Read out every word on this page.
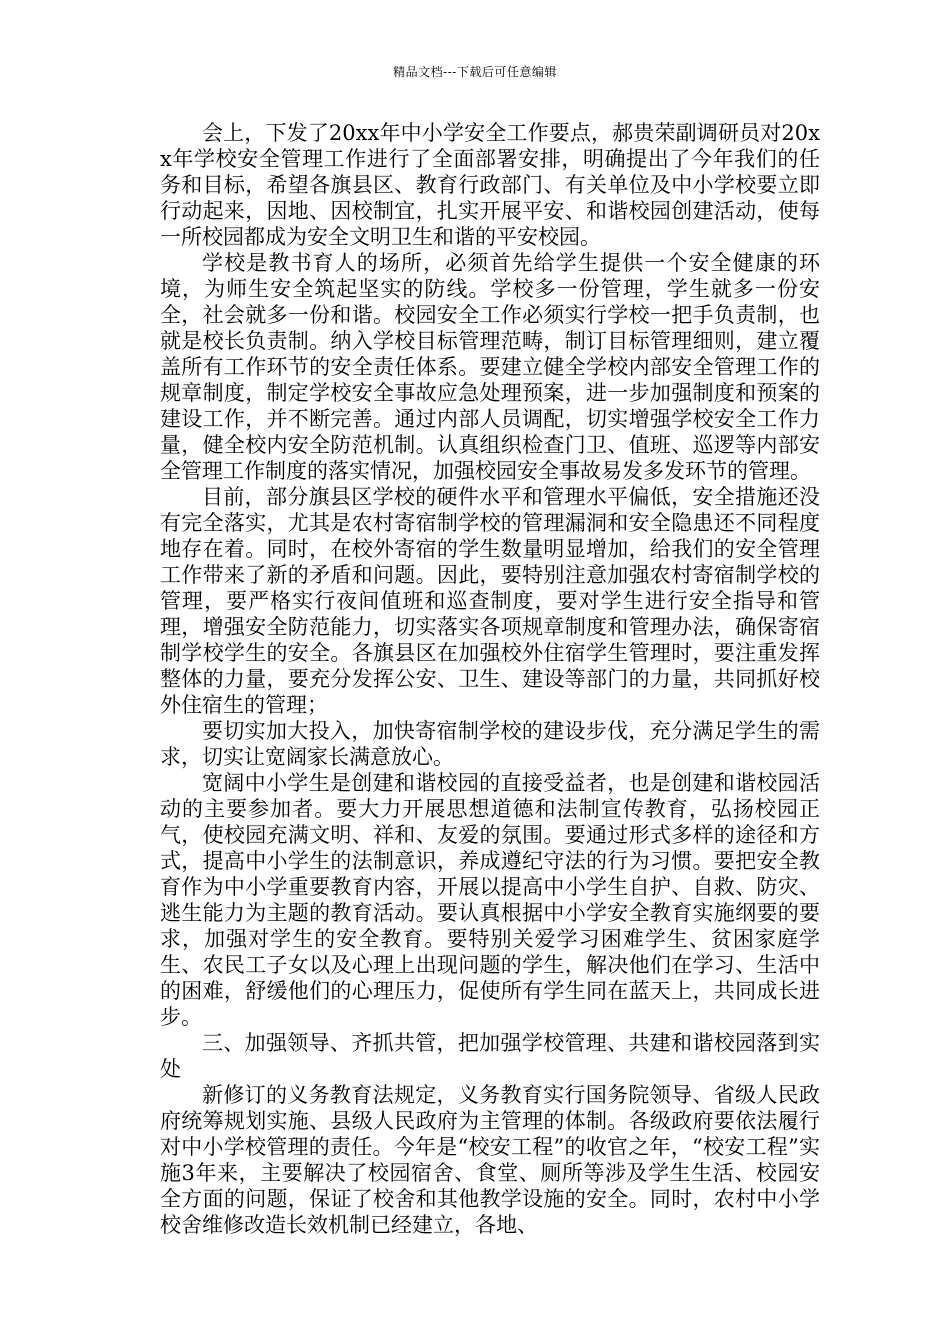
精品文档---下载后可任意编辑

会上，下发了20xx年中小学安全工作要点，郝贵荣副调研员对20xx年学校安全管理工作进行了全面部署安排，明确提出了今年我们的任务和目标，希望各旗县区、教育行政部门、有关单位及中小学校要立即行动起来，因地、因校制宜，扎实开展平安、和谐校园创建活动，使每一所校园都成为安全文明卫生和谐的平安校园。

学校是教书育人的场所，必须首先给学生提供一个安全健康的环境，为师生安全筑起坚实的防线。学校多一份管理，学生就多一份安全，社会就多一份和谐。校园安全工作必须实行学校一把手负责制，也就是校长负责制。纳入学校目标管理范畴，制订目标管理细则，建立覆盖所有工作环节的安全责任体系。要建立健全学校内部安全管理工作的规章制度，制定学校安全事故应急处理预案，进一步加强制度和预案的建设工作，并不断完善。通过内部人员调配，切实增强学校安全工作力量，健全校内安全防范机制。认真组织检查门卫、值班、巡逻等内部安全管理工作制度的落实情况，加强校园安全事故易发多发环节的管理。

目前，部分旗县区学校的硬件水平和管理水平偏低，安全措施还没有完全落实，尤其是农村寄宿制学校的管理漏洞和安全隐患还不同程度地存在着。同时，在校外寄宿的学生数量明显增加，给我们的安全管理工作带来了新的矛盾和问题。因此，要特别注意加强农村寄宿制学校的管理，要严格实行夜间值班和巡查制度，要对学生进行安全指导和管理，增强安全防范能力，切实落实各项规章制度和管理办法，确保寄宿制学校学生的安全。各旗县区在加强校外住宿学生管理时，要注重发挥整体的力量，要充分发挥公安、卫生、建设等部门的力量，共同抓好校外住宿生的管理；

要切实加大投入，加快寄宿制学校的建设步伐，充分满足学生的需求，切实让宽阔家长满意放心。

宽阔中小学生是创建和谐校园的直接受益者，也是创建和谐校园活动的主要参加者。要大力开展思想道德和法制宣传教育，弘扬校园正气，使校园充满文明、祥和、友爱的氛围。要通过形式多样的途径和方式，提高中小学生的法制意识，养成遵纪守法的行为习惯。要把安全教育作为中小学重要教育内容，开展以提高中小学生自护、自救、防灾、逃生能力为主题的教育活动。要认真根据中小学安全教育实施纲要的要求，加强对学生的安全教育。要特别关爱学习困难学生、贫困家庭学生、农民工子女以及心理上出现问题的学生，解决他们在学习、生活中的困难，舒缓他们的心理压力，促使所有学生同在蓝天上，共同成长进步。

三、加强领导、齐抓共管，把加强学校管理、共建和谐校园落到实处

新修订的义务教育法规定，义务教育实行国务院领导、省级人民政府统筹规划实施、县级人民政府为主管理的体制。各级政府要依法履行对中小学校管理的责任。今年是“校安工程”的收官之年，“校安工程”实施3年来，主要解决了校园宿舍、食堂、厕所等涉及学生生活、校园安全方面的问题，保证了校舍和其他教学设施的安全。同时，农村中小学校舍维修改造长效机制已经建立，各地、
